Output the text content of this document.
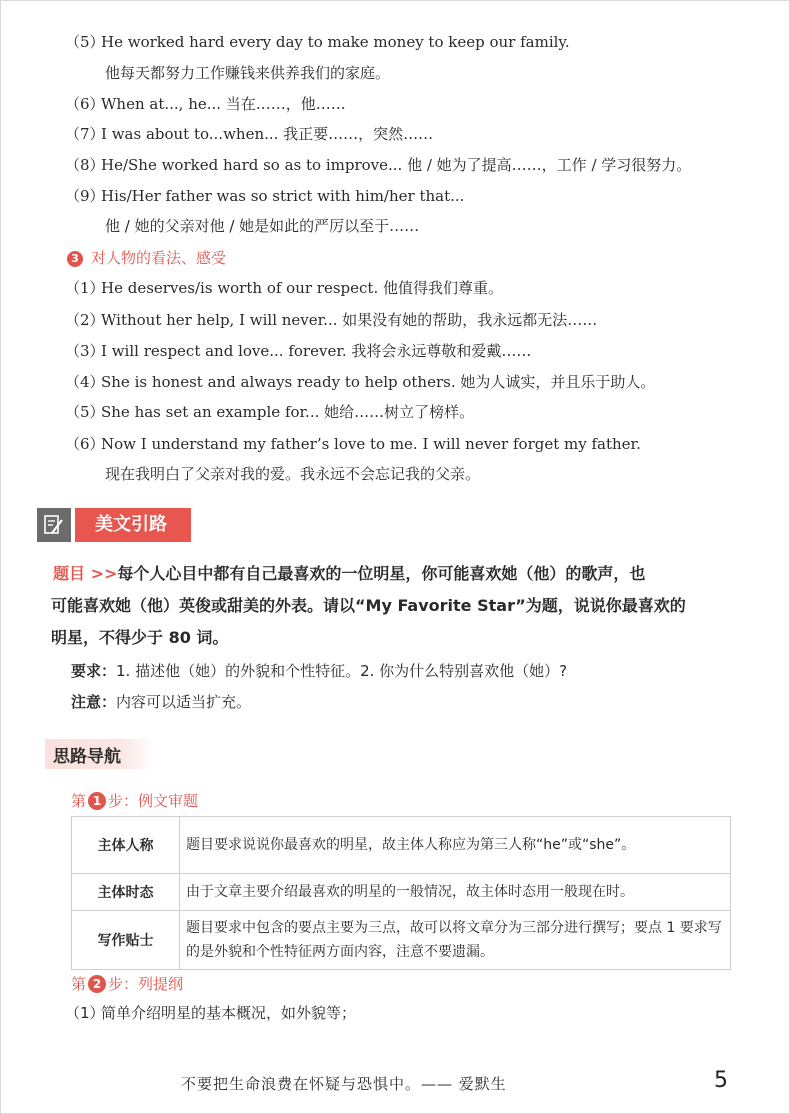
（5）He worked hard every day to make money to keep our family.
他每天都努力工作赚钱来供养我们的家庭。
（6）When at..., he... 当在……，他……
（7）I was about to...when... 我正要……，突然……
（8）He/She worked hard so as to improve... 他 / 她为了提高……，工作 / 学习很努力。
（9）His/Her father was so strict with him/her that...
他 / 她的父亲对他 / 她是如此的严厉以至于……
3 对人物的看法、感受
（1）He deserves/is worth of our respect. 他值得我们尊重。
（2）Without her help, I will never... 如果没有她的帮助，我永远都无法……
（3）I will respect and love... forever. 我将会永远尊敬和爱戴……
（4）She is honest and always ready to help others. 她为人诚实，并且乐于助人。
（5）She has set an example for... 她给……树立了榜样。
（6）Now I understand my father’s love to me. I will never forget my father.
现在我明白了父亲对我的爱。我永远不会忘记我的父亲。
美文引路
题目 >>每个人心目中都有自己最喜欢的一位明星，你可能喜欢她（他）的歌声，也
可能喜欢她（他）英俊或甜美的外表。请以“My Favorite Star”为题，说说你最喜欢的
明星，不得少于 80 词。
要求：1. 描述他（她）的外貌和个性特征。2. 你为什么特别喜欢他（她）?
注意：内容可以适当扩充。
思路导航
第 1 步：例文审题
主体人称	题目要求说说你最喜欢的明星，故主体人称应为第三人称“he”或“she”。
主体时态	由于文章主要介绍最喜欢的明星的一般情况，故主体时态用一般现在时。
写作贴士	题目要求中包含的要点主要为三点，故可以将文章分为三部分进行撰写；要点 1 要求写的是外貌和个性特征两方面内容，注意不要遗漏。
第 2 步：列提纲
（1）简单介绍明星的基本概况，如外貌等；
不要把生命浪费在怀疑与恐惧中。—— 爱默生	5
